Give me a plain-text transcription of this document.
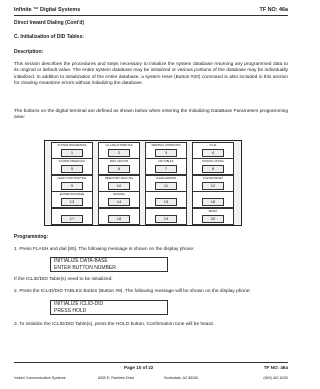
Infinite ™ Digital Systems	TF NO: 46a
Direct Inward Dialing (Cont'd)
C. Initialization of DID Tables:
Description:
This section describes the procedures and steps necessary to initialize the system database returning any programmed data to its original or default value. The entire system database may be initialized or various portions of the database may be individually initialized. In addition to initialization of the entire database, a system reset (Button #20) command is also included in this section for clearing meantime errors without initializing the database.
The buttons on the digital terminal are defined as shown below when entering the Initializing DataBase Parameters programming area:
SYSTEM PARAMETERS
1
CO LINE ATTRIBUTES
2
TERMINAL ATTRIBUTES
3
ICLID
4
SYSTEM SPEED DIAL
5
RING GROUPS
6
DID TABLES
7
STATION LISTING
8
LEAST COST ROUTING
9
DIRECTORY ANALYSIS
10
CLEAR ERRORS
11
SYSTEM RESET
12
ENTIRE DATA BASE
13
DEVICES
14	15	16
17	18	19
RESET
20
Programming:
1. Press FLASH and dial [80]. The following message is shown on the display phone:
INITIALIZE DATA-BASE
ENTER BUTTON NUMBER
If the ICLID/DID Table(s) need to be initialized:
2. Press the ICLID/DID TABLES Button (Button #9). The following message will be shown on the display phone:
INITIALIZE ICLID-DID
PRESS HOLD
3. To initialize the ICLID/DID Table(s), press the HOLD button, Confirmation tone will be heard.
Page 10 of 22	TF NO: 46a
Vodavi Communication Systems	8300 E. Raintree Drive	Scottsdale, AZ 85260	(800) 467-6200
